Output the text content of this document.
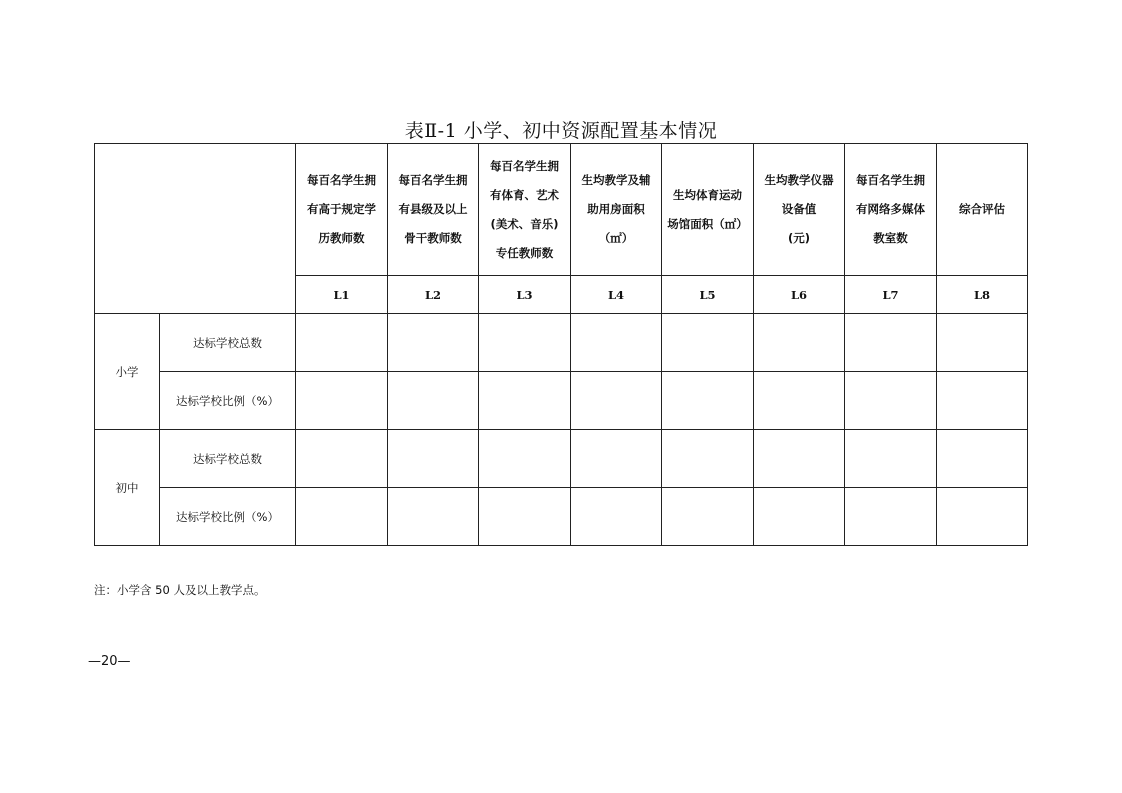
表Ⅱ-1 小学、初中资源配置基本情况

		每百名学生拥
有高于规定学
历教师数	每百名学生拥
有县级及以上
骨干教师数	每百名学生拥
有体育、艺术
(美术、音乐)
专任教师数	生均教学及辅
助用房面积
（㎡）	生均体育运动
场馆面积（㎡）	生均教学仪器
设备值
(元)	每百名学生拥
有网络多媒体
教室数	综合评估

		L1	L2	L3	L4	L5	L6	L7	L8
小学	达标学校总数								
	达标学校比例（%）								
初中	达标学校总数								
	达标学校比例（%）								
注：小学含 50 人及以上教学点。
—20—
